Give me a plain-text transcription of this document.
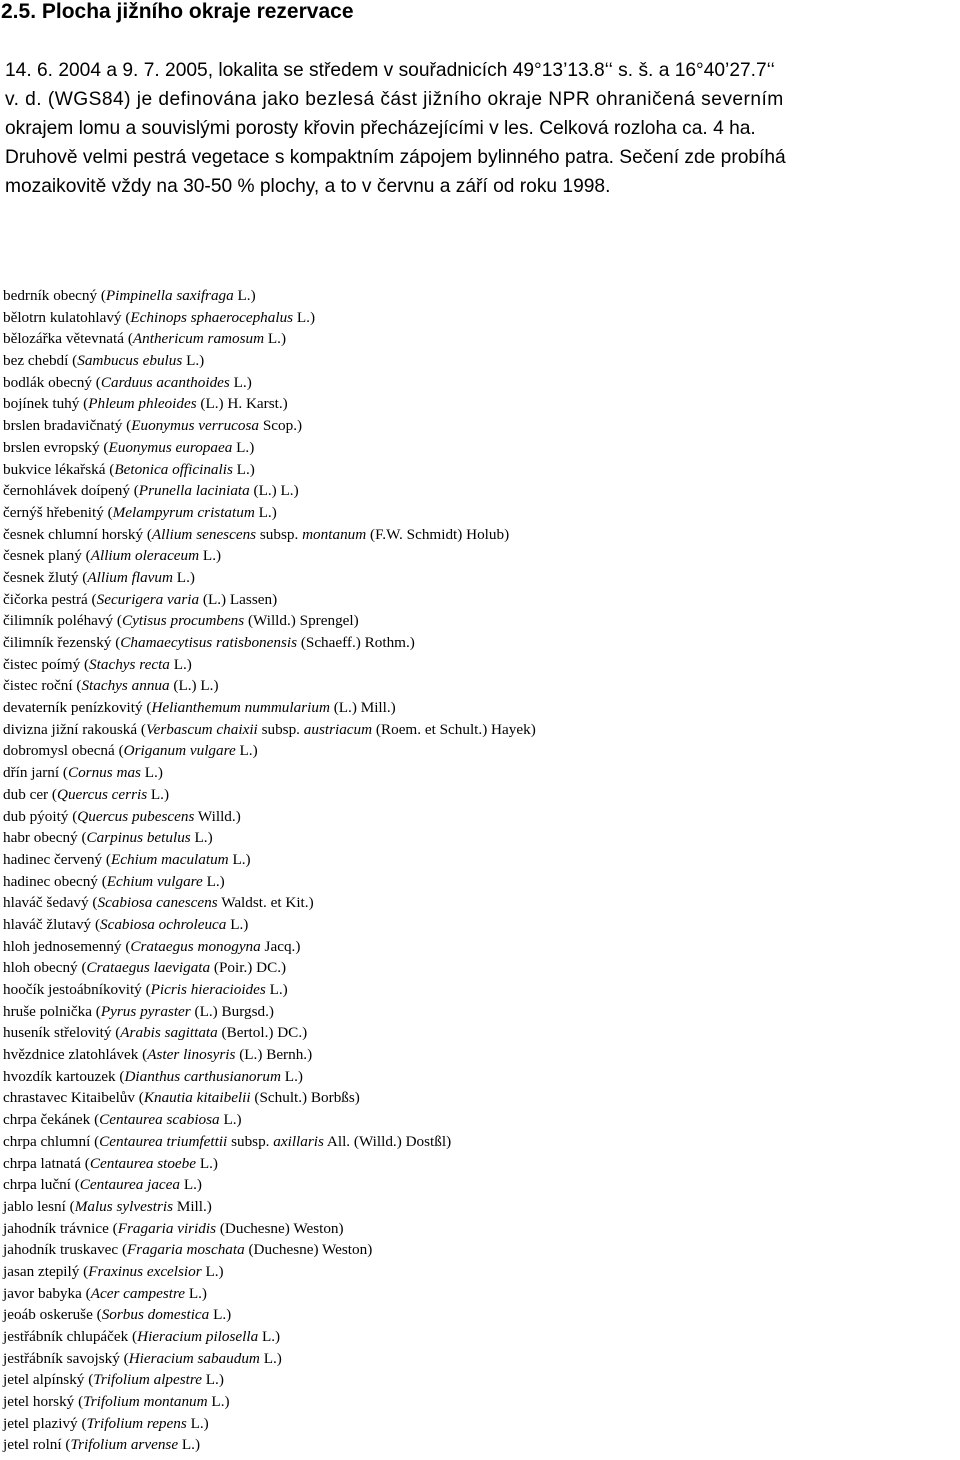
2.5. Plocha jižního okraje rezervace
14. 6. 2004 a 9. 7. 2005, lokalita se středem v souřadnicích 49°13’13.8‘‘ s. š. a 16°40’27.7‘‘
v. d. (WGS84) je definována jako bezlesá část jižního okraje NPR ohraničená severním
okrajem lomu a souvislými porosty křovin přecházejícími v les. Celková rozloha ca. 4 ha.
Druhově velmi pestrá vegetace s kompaktním zápojem bylinného patra. Sečení zde probíhá
mozaikovitě vždy na 30-50 % plochy, a to v červnu a září od roku 1998.
bedrník obecný (Pimpinella saxifraga L.)
bělotrn kulatohlavý (Echinops sphaerocephalus L.)
bělozářka větevnatá (Anthericum ramosum L.)
bez chebdí (Sambucus ebulus L.)
bodlák obecný (Carduus acanthoides L.)
bojínek tuhý (Phleum phleoides (L.) H. Karst.)
brslen bradavičnatý (Euonymus verrucosa Scop.)
brslen evropský (Euonymus europaea L.)
bukvice lékařská (Betonica officinalis L.)
černohlávek doípený (Prunella laciniata (L.) L.)
černýš hřebenitý (Melampyrum cristatum L.)
česnek chlumní horský (Allium senescens subsp. montanum (F.W. Schmidt) Holub)
česnek planý (Allium oleraceum L.)
česnek žlutý (Allium flavum L.)
čičorka pestrá (Securigera varia (L.) Lassen)
čilimník poléhavý (Cytisus procumbens (Willd.) Sprengel)
čilimník řezenský (Chamaecytisus ratisbonensis (Schaeff.) Rothm.)
čistec poímý (Stachys recta L.)
čistec roční (Stachys annua (L.) L.)
devaterník penízkovitý (Helianthemum nummularium (L.) Mill.)
divizna jižní rakouská (Verbascum chaixii subsp. austriacum (Roem. et Schult.) Hayek)
dobromysl obecná (Origanum vulgare L.)
dřín jarní (Cornus mas L.)
dub cer (Quercus cerris L.)
dub pýoitý (Quercus pubescens Willd.)
habr obecný (Carpinus betulus L.)
hadinec červený (Echium maculatum L.)
hadinec obecný (Echium vulgare L.)
hlaváč šedavý (Scabiosa canescens Waldst. et Kit.)
hlaváč žlutavý (Scabiosa ochroleuca L.)
hloh jednosemenný (Crataegus monogyna Jacq.)
hloh obecný (Crataegus laevigata (Poir.) DC.)
hoočík jestoábníkovitý (Picris hieracioides L.)
hruše polnička (Pyrus pyraster (L.) Burgsd.)
huseník střelovitý (Arabis sagittata (Bertol.) DC.)
hvězdnice zlatohlávek (Aster linosyris (L.) Bernh.)
hvozdík kartouzek (Dianthus carthusianorum L.)
chrastavec Kitaibelův (Knautia kitaibelii (Schult.) Borbßs)
chrpa čekánek (Centaurea scabiosa L.)
chrpa chlumní (Centaurea triumfettii subsp. axillaris All. (Willd.) Dostßl)
chrpa latnatá (Centaurea stoebe L.)
chrpa luční (Centaurea jacea L.)
jablo lesní (Malus sylvestris Mill.)
jahodník trávnice (Fragaria viridis (Duchesne) Weston)
jahodník truskavec (Fragaria moschata (Duchesne) Weston)
jasan ztepilý (Fraxinus excelsior L.)
javor babyka (Acer campestre L.)
jeoáb oskeruše (Sorbus domestica L.)
jestřábník chlupáček (Hieracium pilosella L.)
jestřábník savojský (Hieracium sabaudum L.)
jetel alpínský (Trifolium alpestre L.)
jetel horský (Trifolium montanum L.)
jetel plazivý (Trifolium repens L.)
jetel rolní (Trifolium arvense L.)
